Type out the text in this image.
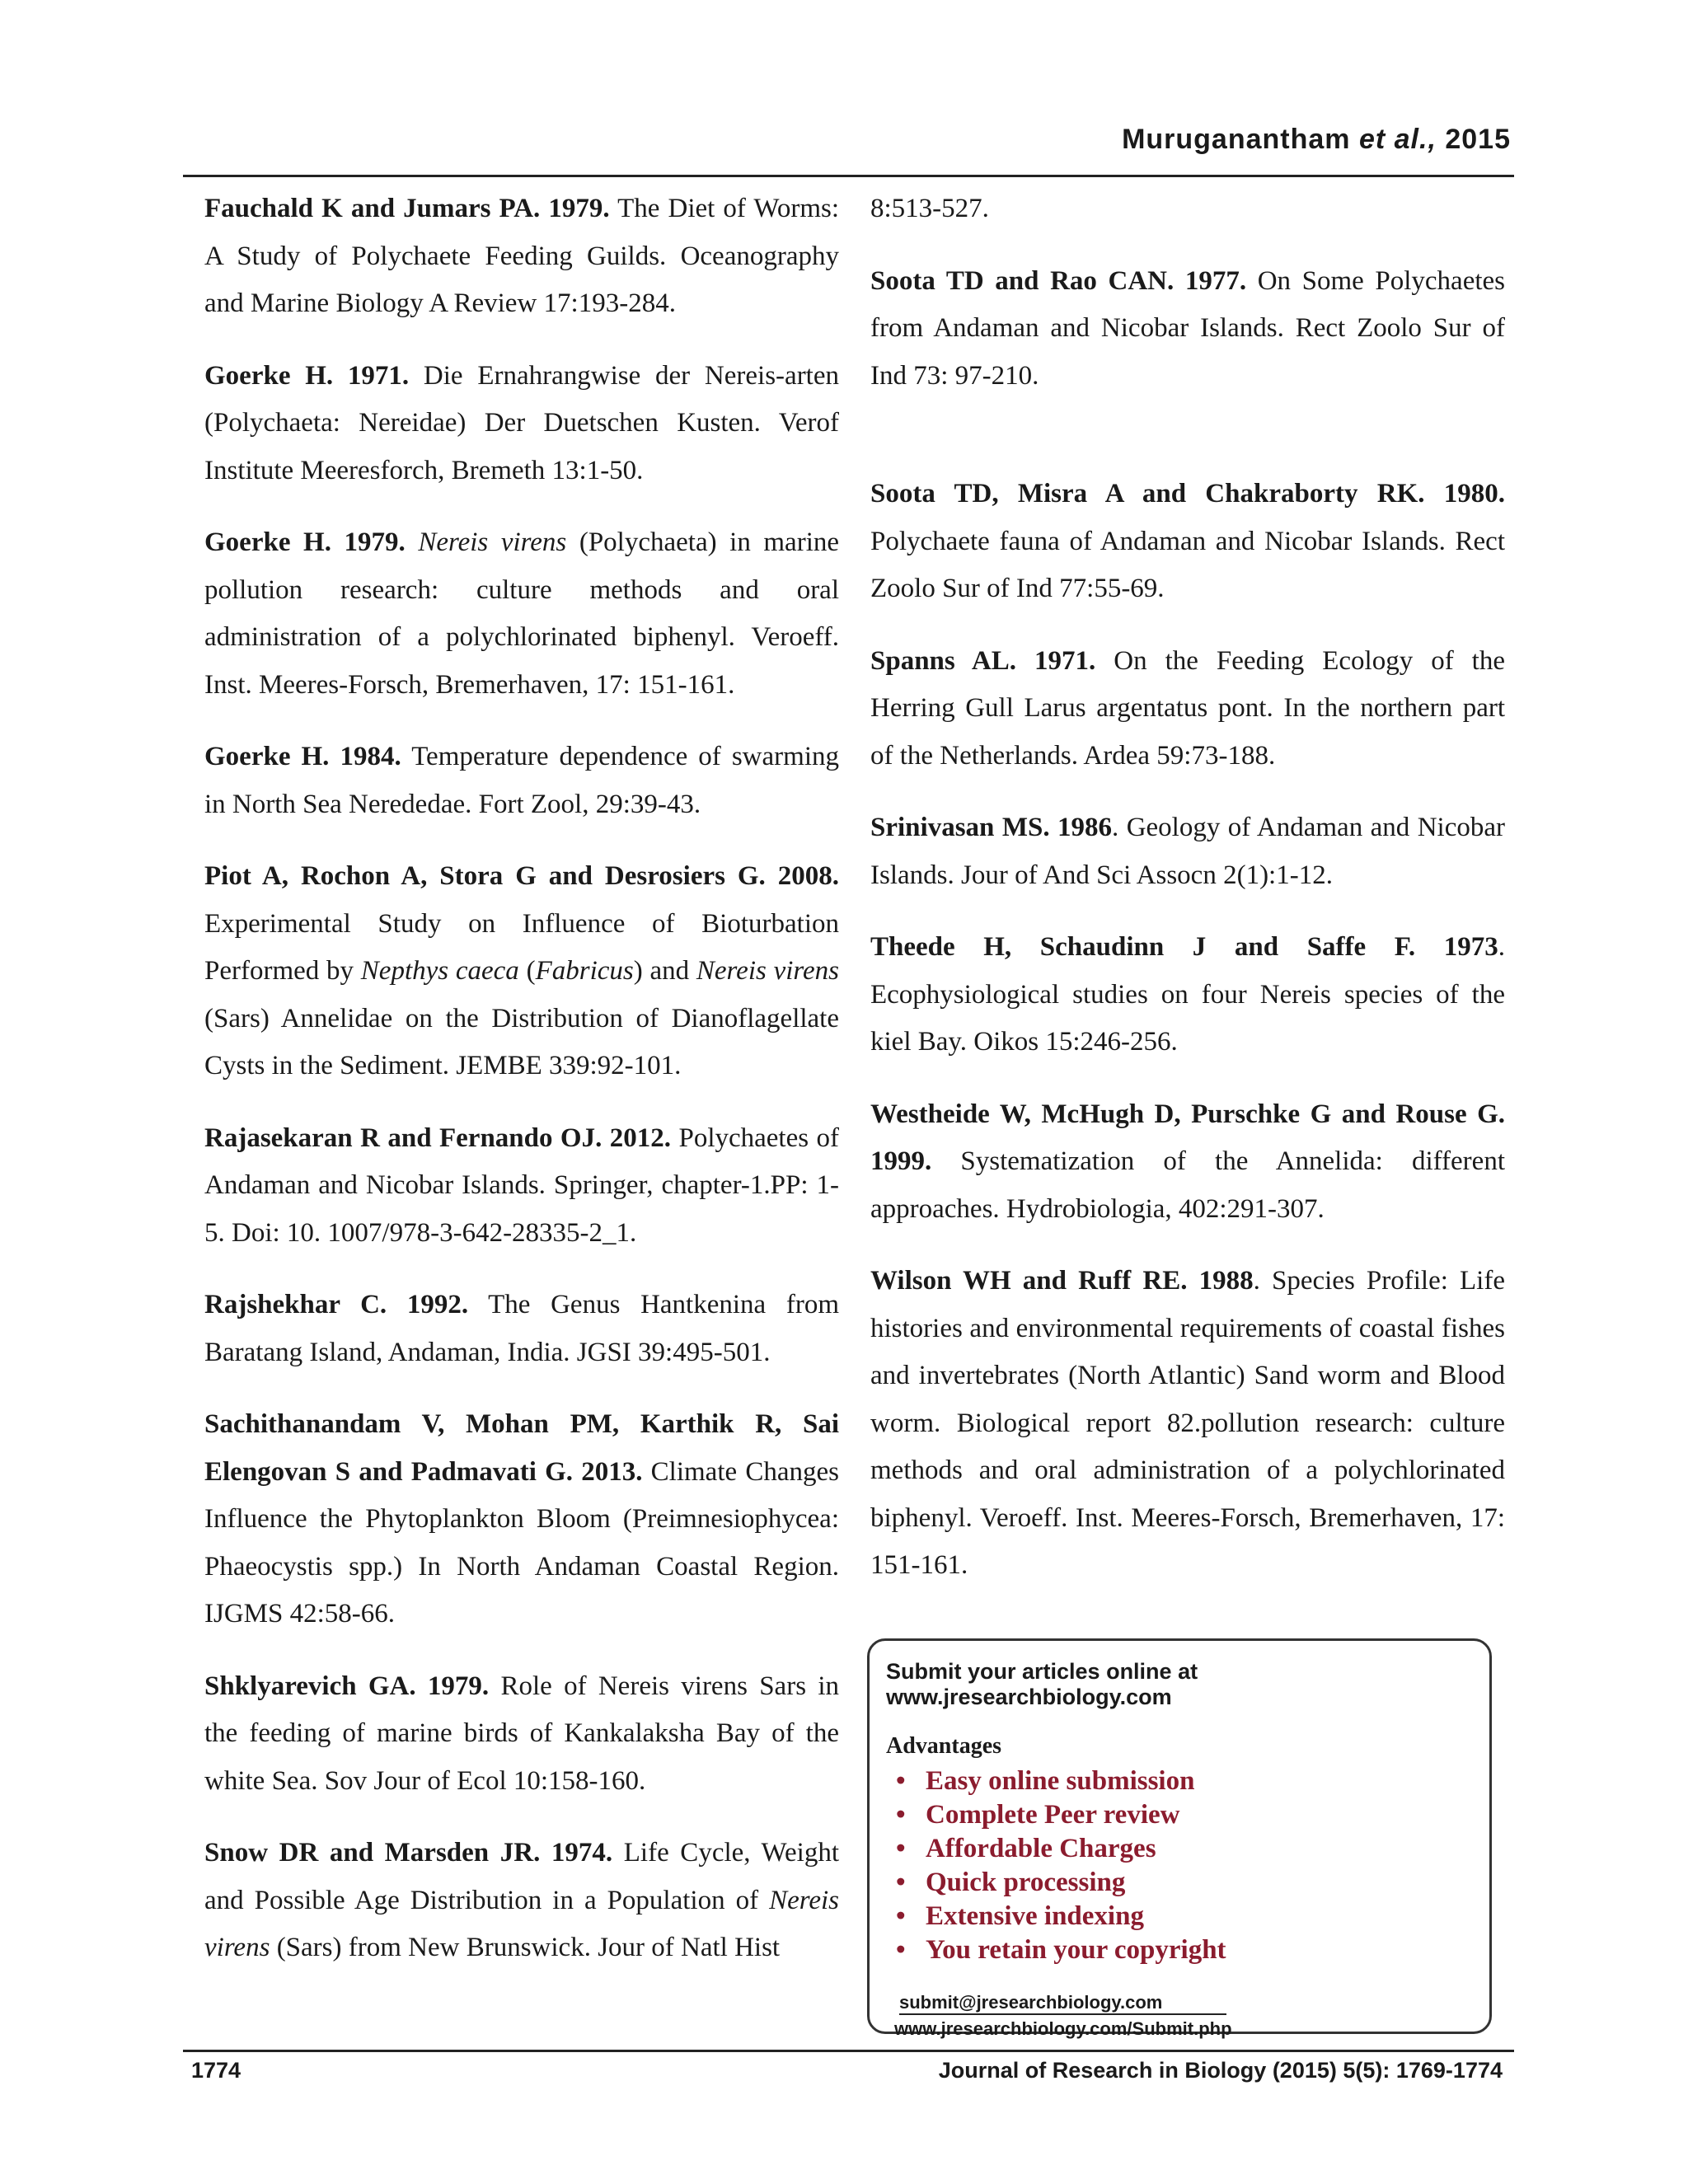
Muruganantham et al., 2015

Fauchald K and Jumars PA. 1979. The Diet of Worms: A Study of Polychaete Feeding Guilds. Oceanography and Marine Biology A Review 17:193-284.

Goerke H. 1971. Die Ernahrangwise der Nereis-arten (Polychaeta: Nereidae) Der Duetschen Kusten. Verof Institute Meeresforch, Bremeth 13:1-50.

Goerke H. 1979. Nereis virens (Polychaeta) in marine pollution research: culture methods and oral administration of a polychlorinated biphenyl. Veroeff. Inst. Meeres-Forsch, Bremerhaven, 17: 151-161.

Goerke H. 1984. Temperature dependence of swarming in North Sea Nerededae. Fort Zool, 29:39-43.

Piot A, Rochon A, Stora G and Desrosiers G. 2008. Experimental Study on Influence of Bioturbation Performed by Nepthys caeca (Fabricus) and Nereis virens (Sars) Annelidae on the Distribution of Dianoflagellate Cysts in the Sediment. JEMBE 339:92-101.

Rajasekaran R and Fernando OJ. 2012. Polychaetes of Andaman and Nicobar Islands. Springer, chapter-1.PP: 1-5. Doi: 10. 1007/978-3-642-28335-2_1.

Rajshekhar C. 1992. The Genus Hantkenina from Baratang Island, Andaman, India. JGSI 39:495-501.

Sachithanandam V, Mohan PM, Karthik R, Sai Elengovan S and Padmavati G. 2013. Climate Changes Influence the Phytoplankton Bloom (Preimnesiophycea: Phaeocystis spp.) In North Andaman Coastal Region. IJGMS 42:58-66.

Shklyarevich GA. 1979. Role of Nereis virens Sars in the feeding of marine birds of Kankalaksha Bay of the white Sea. Sov Jour of Ecol 10:158-160.

Snow DR and Marsden JR. 1974. Life Cycle, Weight and Possible Age Distribution in a Population of Nereis virens (Sars) from New Brunswick. Jour of Natl Hist

8:513-527.

Soota TD and Rao CAN. 1977. On Some Polychaetes from Andaman and Nicobar Islands. Rect Zoolo Sur of Ind 73: 97-210.

Soota TD, Misra A and Chakraborty RK. 1980. Polychaete fauna of Andaman and Nicobar Islands. Rect Zoolo Sur of Ind 77:55-69.

Spanns AL. 1971. On the Feeding Ecology of the Herring Gull Larus argentatus pont. In the northern part of the Netherlands. Ardea 59:73-188.

Srinivasan MS. 1986. Geology of Andaman and Nicobar Islands. Jour of And Sci Assocn 2(1):1-12.

Theede H, Schaudinn J and Saffe F. 1973. Ecophysiological studies on four Nereis species of the kiel Bay. Oikos 15:246-256.

Westheide W, McHugh D, Purschke G and Rouse G. 1999. Systematization of the Annelida: different approaches. Hydrobiologia, 402:291-307.

Wilson WH and Ruff RE. 1988. Species Profile: Life histories and environmental requirements of coastal fishes and invertebrates (North Atlantic) Sand worm and Blood worm. Biological report 82.pollution research: culture methods and oral administration of a polychlorinated biphenyl. Veroeff. Inst. Meeres-Forsch, Bremerhaven, 17: 151-161.

Submit your articles online at www.jresearchbiology.com
Advantages
• Easy online submission
• Complete Peer review
• Affordable Charges
• Quick processing
• Extensive indexing
• You retain your copyright
submit@jresearchbiology.com
www.jresearchbiology.com/Submit.php
1774	Journal of Research in Biology (2015) 5(5): 1769-1774
